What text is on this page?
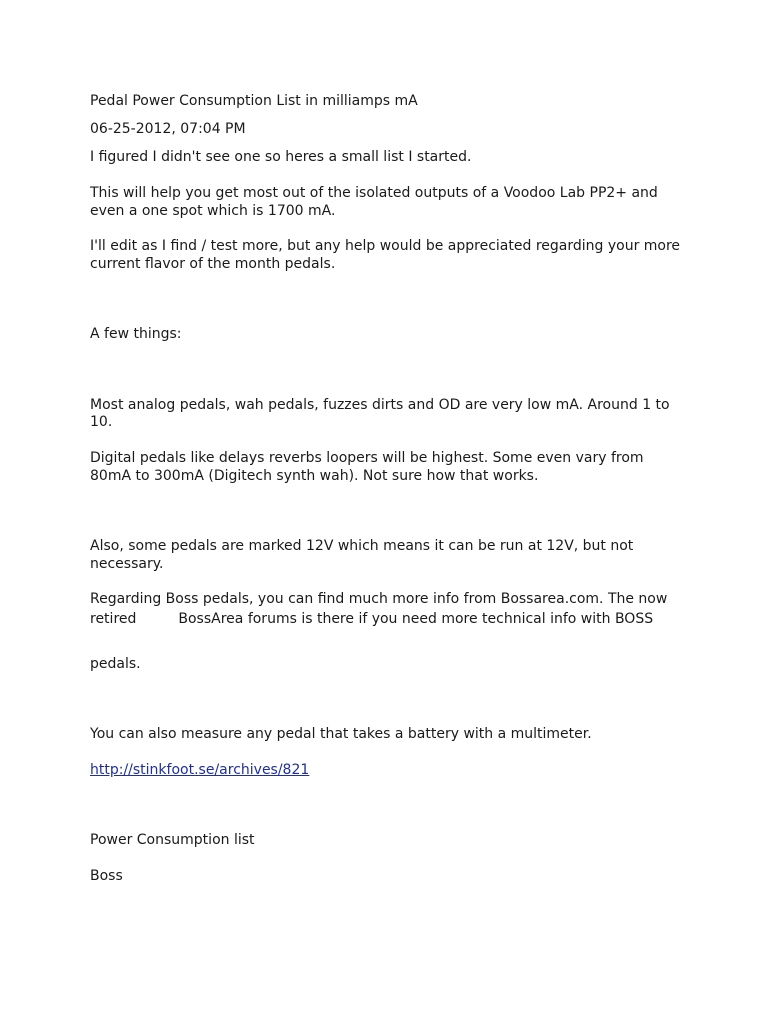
Pedal Power Consumption List in milliamps mA

06-25-2012, 07:04 PM

I figured I didn't see one so heres a small list I started.

This will help you get most out of the isolated outputs of a Voodoo Lab PP2+ and

even a one spot which is 1700 mA.

I'll edit as I find / test more, but any help would be appreciated regarding your more

current flavor of the month pedals.

A few things:

Most analog pedals, wah pedals, fuzzes dirts and OD are very low mA. Around 1 to

10.

Digital pedals like delays reverbs loopers will be highest. Some even vary from

80mA to 300mA (Digitech synth wah). Not sure how that works.

Also, some pedals are marked 12V which means it can be run at 12V, but not

necessary.

Regarding Boss pedals, you can find much more info from Bossarea.com. The now

retired	BossArea forums is there if you need more technical info with BOSS

pedals.

You can also measure any pedal that takes a battery with a multimeter.

http://stinkfoot.se/archives/821

Power Consumption list

Boss
